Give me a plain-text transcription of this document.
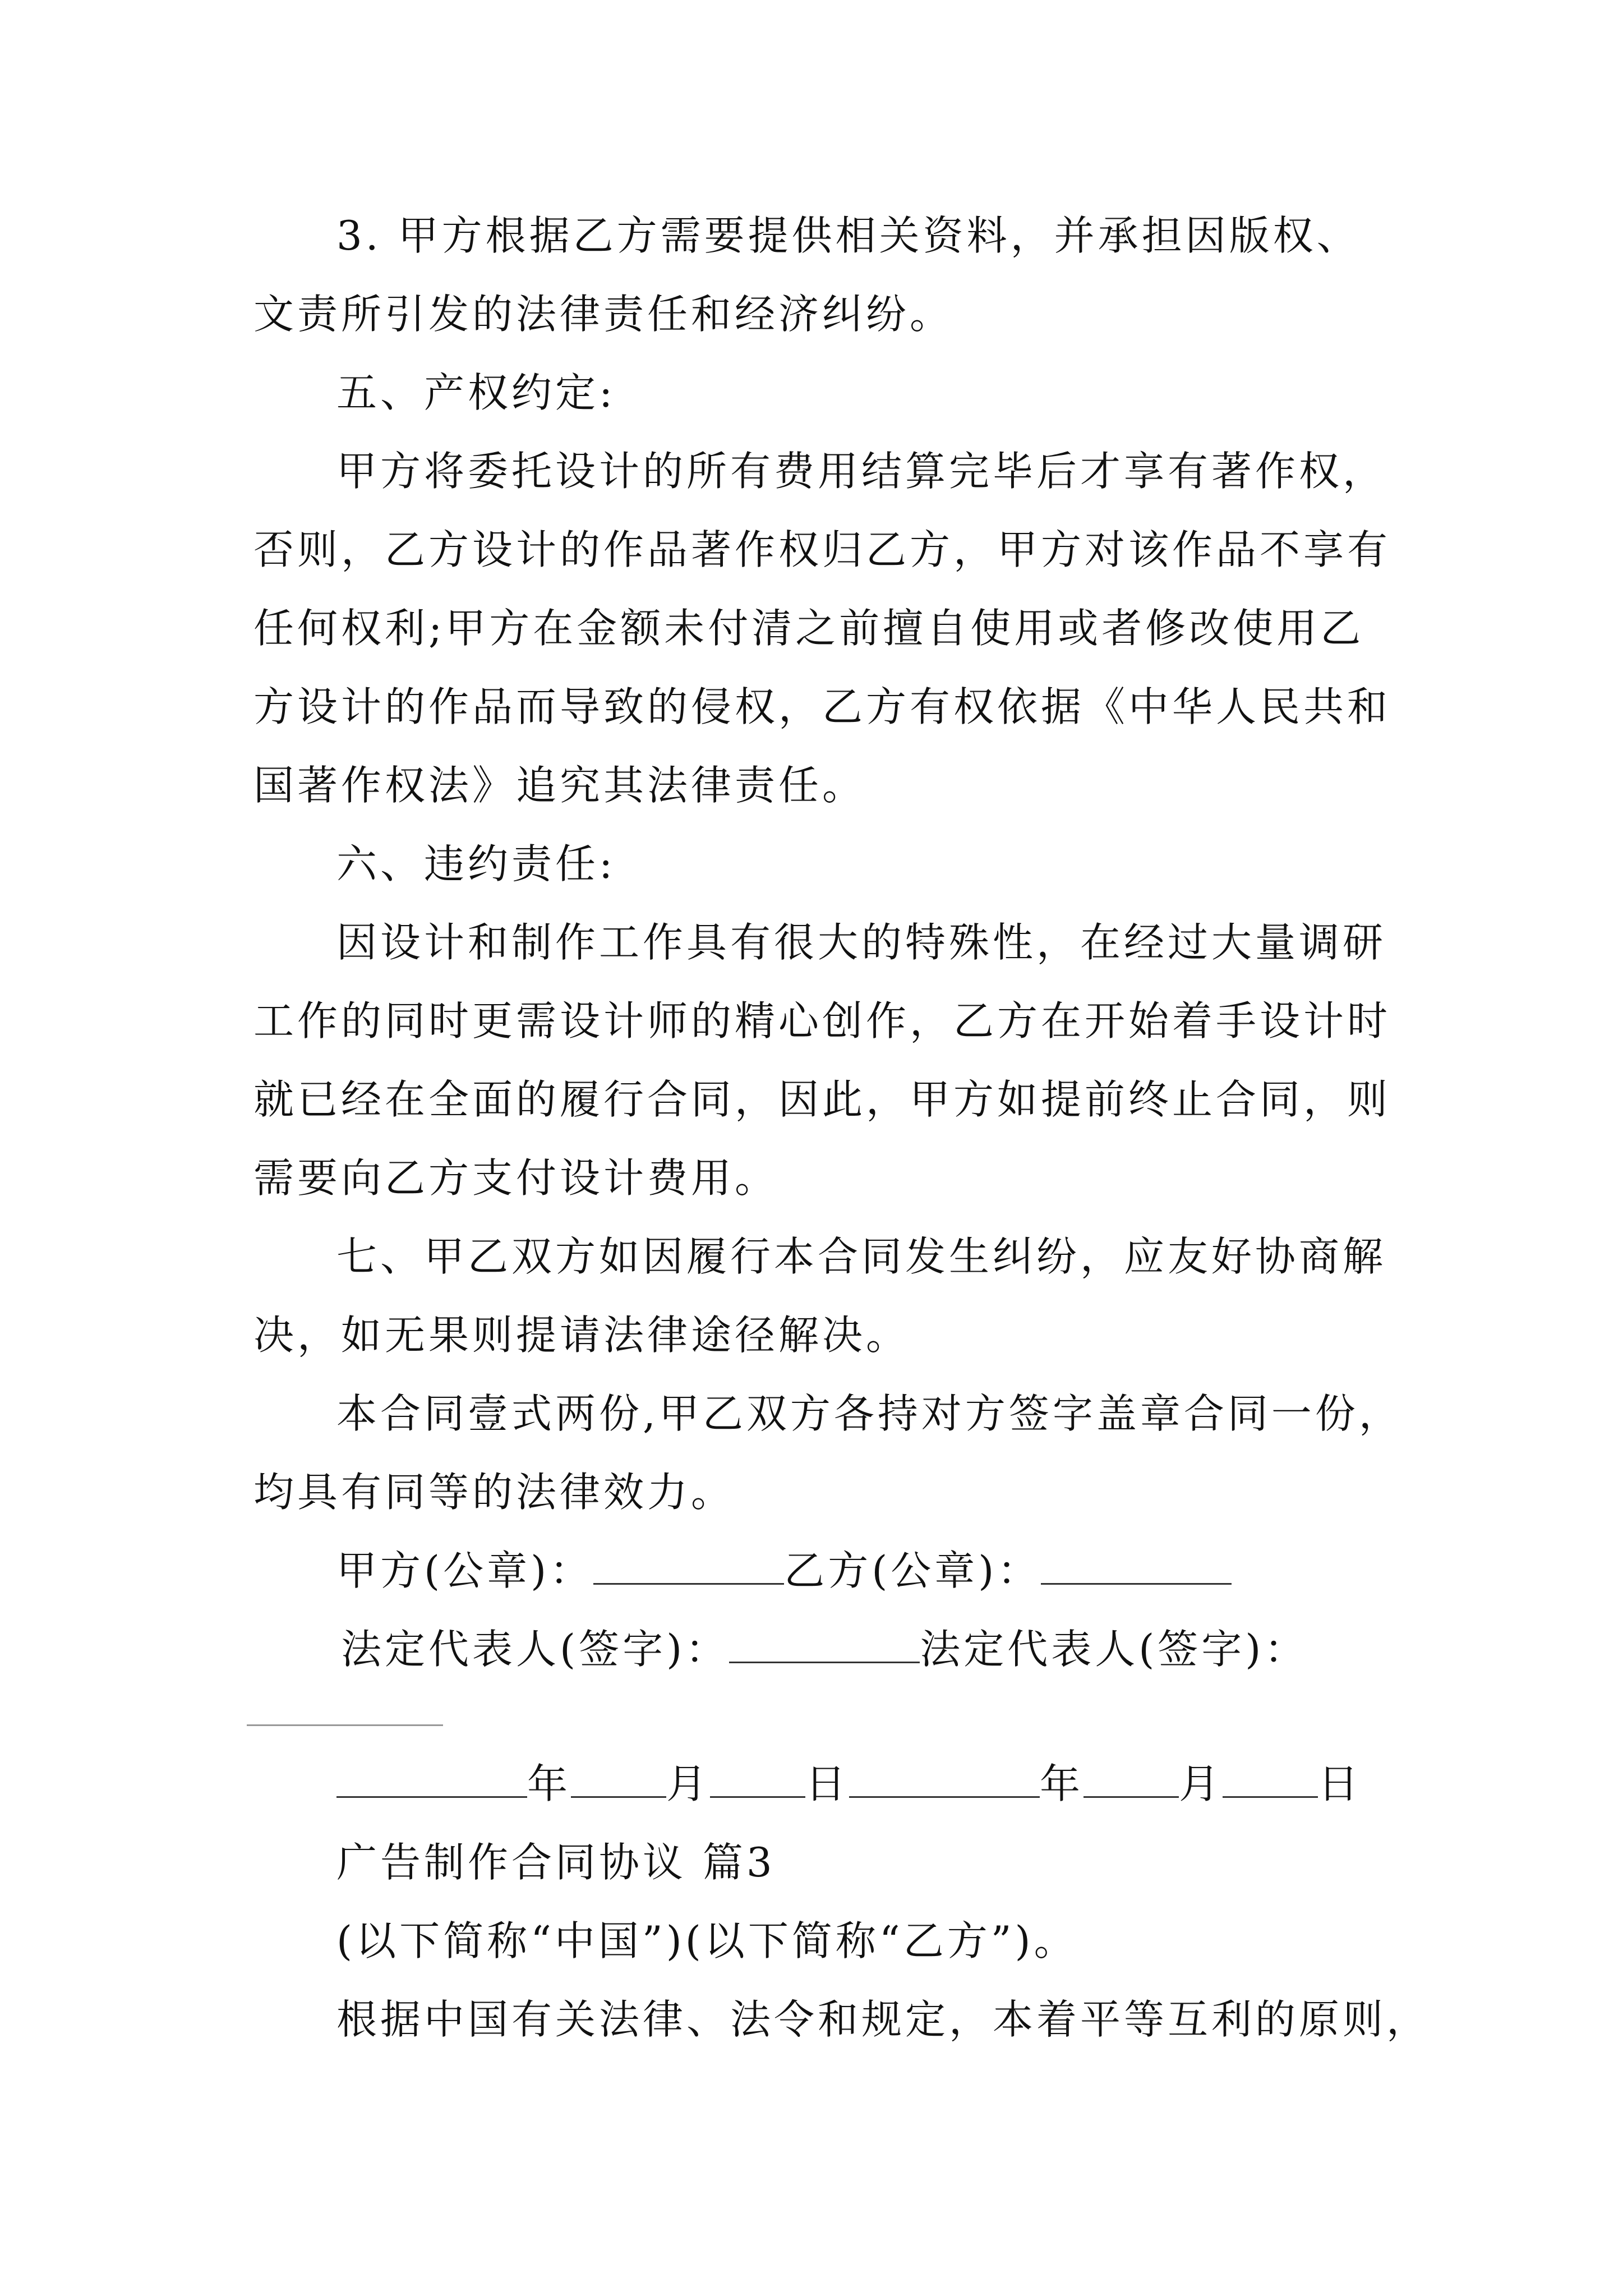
3. 甲方根据乙方需要提供相关资料，并承担因版权、
文责所引发的法律责任和经济纠纷。
五、产权约定:
甲方将委托设计的所有费用结算完毕后才享有著作权，
否则，乙方设计的作品著作权归乙方，甲方对该作品不享有
任何权利;甲方在金额未付清之前擅自使用或者修改使用乙
方设计的作品而导致的侵权，乙方有权依据《中华人民共和
国著作权法》追究其法律责任。
六、违约责任:
因设计和制作工作具有很大的特殊性，在经过大量调研
工作的同时更需设计师的精心创作，乙方在开始着手设计时
就已经在全面的履行合同，因此，甲方如提前终止合同，则
需要向乙方支付设计费用。
七、甲乙双方如因履行本合同发生纠纷，应友好协商解
决，如无果则提请法律途径解决。
本合同壹式两份,甲乙双方各持对方签字盖章合同一份，
均具有同等的法律效力。
甲方(公章)：	乙方(公章)：
法定代表人(签字)：	法定代表人(签字)：
年 月 日	年 月 日
广告制作合同协议 篇3
(以下简称“中国”)(以下简称“乙方”)。
根据中国有关法律、法令和规定，本着平等互利的原则，
